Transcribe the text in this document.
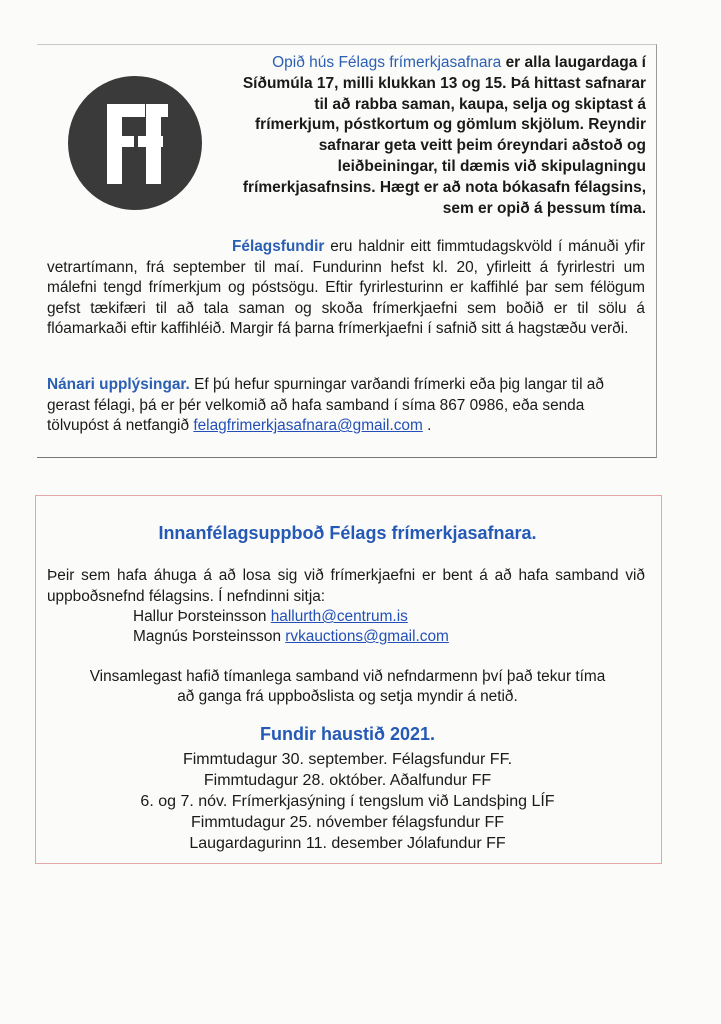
Opið hús Félags frímerkjasafnara er alla laugardaga í Síðumúla 17, milli klukkan 13 og 15. Þá hittast safnarar til að rabba saman, kaupa, selja og skiptast á frímerkjum, póstkortum og gömlum skjölum. Reyndir safnarar geta veitt þeim óreyndari aðstoð og leiðbeiningar, til dæmis við skipulagningu frímerkjasafnsins. Hægt er að nota bókasafn félagsins, sem er opið á þessum tíma.

Félagsfundir eru haldnir eitt fimmtudagskvöld í mánuði yfir vetrartímann, frá september til maí. Fundurinn hefst kl. 20, yfirleitt á fyrirlestri um málefni tengd frímerkjum og póstsögu. Eftir fyrirlesturinn er kaffihlé þar sem félögum gefst tækifæri til að tala saman og skoða frímerkjaefni sem boðið er til sölu á flóamarkaði eftir kaffihléið. Margir fá þarna frímerkjaefni í safnið sitt á hagstæðu verði.

Nánari upplýsingar. Ef þú hefur spurningar varðandi frímerki eða þig langar til að gerast félagi, þá er þér velkomið að hafa samband í síma 867 0986, eða senda tölvupóst á netfangið felagfrimerkjasafnara@gmail.com .

Innanfélagsuppboð Félags frímerkjasafnara.

Þeir sem hafa áhuga á að losa sig við frímerkjaefni er bent á að hafa samband við uppboðsnefnd félagsins. Í nefndinni sitja:

Hallur Þorsteinsson hallurth@centrum.is
Magnús Þorsteinsson rvkauctions@gmail.com
Vinsamlegast hafið tímanlega samband við nefndarmenn því það tekur tíma
að ganga frá uppboðslista og setja myndir á netið.
Fundir haustið 2021.
Fimmtudagur 30. september. Félagsfundur FF.
Fimmtudagur 28. október. Aðalfundur FF
6. og 7. nóv. Frímerkjasýning í tengslum við Landsþing LÍF
Fimmtudagur 25. nóvember félagsfundur FF
Laugardagurinn 11. desember Jólafundur FF
